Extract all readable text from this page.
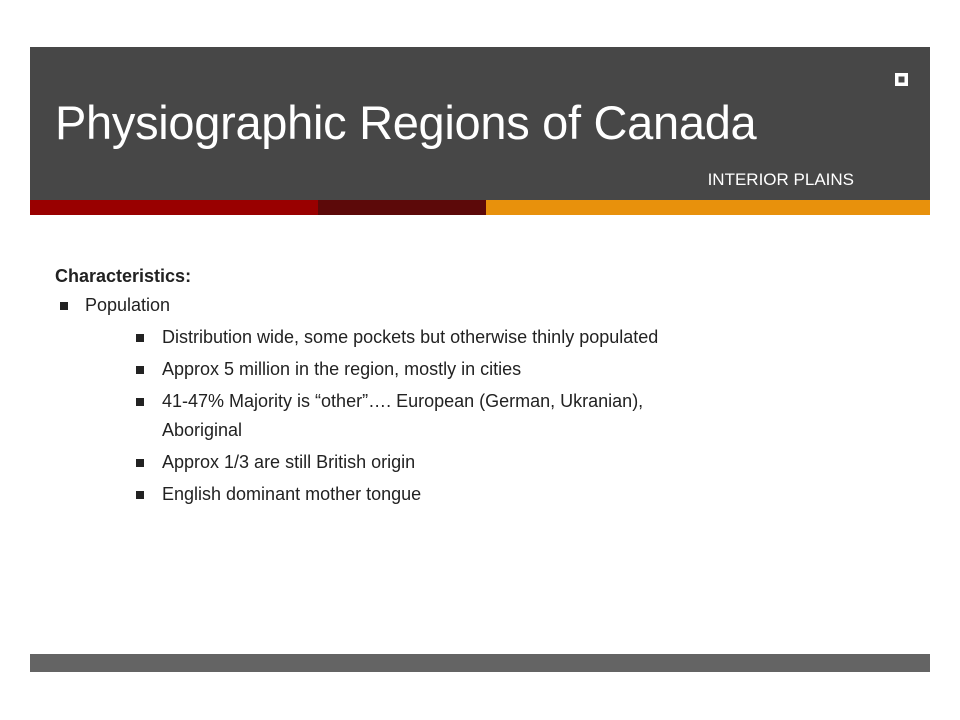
Physiographic Regions of Canada
INTERIOR PLAINS

Characteristics:

Population
Distribution wide, some pockets but otherwise thinly populated
Approx 5 million in the region, mostly in cities
41-47% Majority is “other”…. European (German, Ukranian), Aboriginal
Approx 1/3 are still British origin
English dominant mother tongue
